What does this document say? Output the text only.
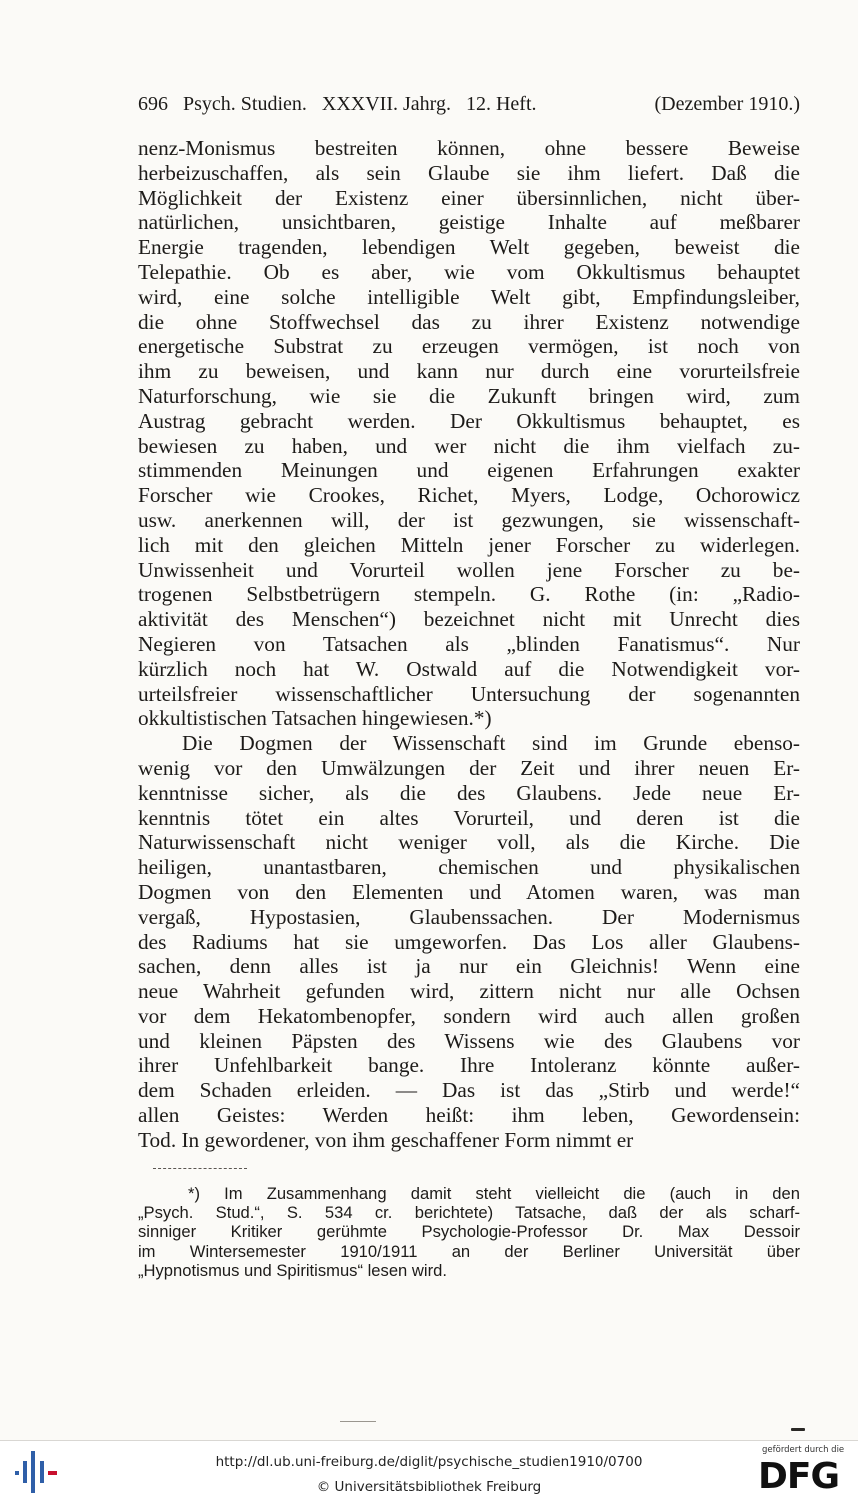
696 Psych. Studien. XXXVII. Jahrg. 12. Heft.	(Dezember 1910.)
nenz-Monismus bestreiten können, ohne bessere Beweise
herbeizuschaffen, als sein Glaube sie ihm liefert. Daß die
Möglichkeit der Existenz einer übersinnlichen, nicht über-
natürlichen, unsichtbaren, geistige Inhalte auf meßbarer
Energie tragenden, lebendigen Welt gegeben, beweist die
Telepathie. Ob es aber, wie vom Okkultismus behauptet
wird, eine solche intelligible Welt gibt, Empfindungsleiber,
die ohne Stoffwechsel das zu ihrer Existenz notwendige
energetische Substrat zu erzeugen vermögen, ist noch von
ihm zu beweisen, und kann nur durch eine vorurteilsfreie
Naturforschung, wie sie die Zukunft bringen wird, zum
Austrag gebracht werden. Der Okkultismus behauptet, es
bewiesen zu haben, und wer nicht die ihm vielfach zu-
stimmenden Meinungen und eigenen Erfahrungen exakter
Forscher wie Crookes, Richet, Myers, Lodge, Ochorowicz
usw. anerkennen will, der ist gezwungen, sie wissenschaft-
lich mit den gleichen Mitteln jener Forscher zu widerlegen.
Unwissenheit und Vorurteil wollen jene Forscher zu be-
trogenen Selbstbetrügern stempeln. G. Rothe (in: „Radio-
aktivität des Menschen“) bezeichnet nicht mit Unrecht dies
Negieren von Tatsachen als „blinden Fanatismus“. Nur
kürzlich noch hat W. Ostwald auf die Notwendigkeit vor-
urteilsfreier wissenschaftlicher Untersuchung der sogenannten
okkultistischen Tatsachen hingewiesen.*)
Die Dogmen der Wissenschaft sind im Grunde ebenso-
wenig vor den Umwälzungen der Zeit und ihrer neuen Er-
kenntnisse sicher, als die des Glaubens. Jede neue Er-
kenntnis tötet ein altes Vorurteil, und deren ist die
Naturwissenschaft nicht weniger voll, als die Kirche. Die
heiligen, unantastbaren, chemischen und physikalischen
Dogmen von den Elementen und Atomen waren, was man
vergaß, Hypostasien, Glaubenssachen. Der Modernismus
des Radiums hat sie umgeworfen. Das Los aller Glaubens-
sachen, denn alles ist ja nur ein Gleichnis! Wenn eine
neue Wahrheit gefunden wird, zittern nicht nur alle Ochsen
vor dem Hekatombenopfer, sondern wird auch allen großen
und kleinen Päpsten des Wissens wie des Glaubens vor
ihrer Unfehlbarkeit bange. Ihre Intoleranz könnte außer-
dem Schaden erleiden. — Das ist das „Stirb und werde!“
allen Geistes: Werden heißt: ihm leben, Gewordensein:
Tod. In gewordener, von ihm geschaffener Form nimmt er
*) Im Zusammenhang damit steht vielleicht die (auch in den
„Psych. Stud.“, S. 534 cr. berichtete) Tatsache, daß der als scharf-
sinniger Kritiker gerühmte Psychologie-Professor Dr. Max Dessoir
im Wintersemester 1910/1911 an der Berliner Universität über
„Hypnotismus und Spiritismus“ lesen wird.
http://dl.ub.uni-freiburg.de/diglit/psychische_studien1910/0700
© Universitätsbibliothek Freiburg
gefördert durch die
DFG
